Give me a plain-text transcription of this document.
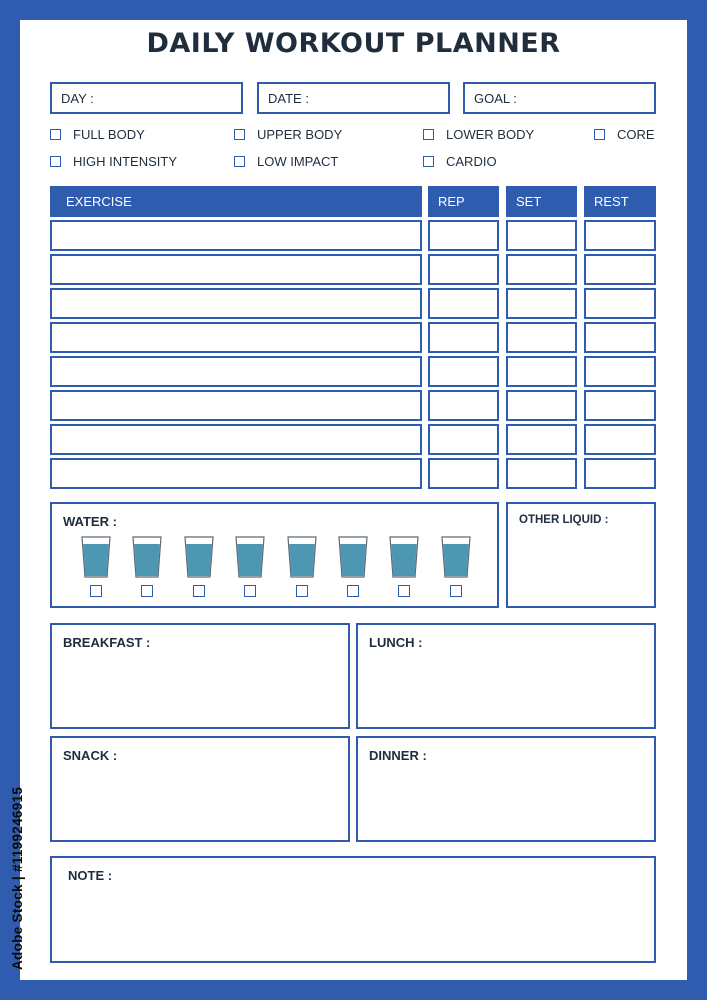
DAILY WORKOUT PLANNER
DAY :	DATE :	GOAL :
FULL BODY	UPPER BODY	LOWER BODY	CORE
HIGH INTENSITY	LOW IMPACT	CARDIO
EXERCISE	REP	SET	REST
WATER :	OTHER LIQUID :
BREAKFAST :	LUNCH :
SNACK :	DINNER :
NOTE :
Adobe Stock | #1199246915
